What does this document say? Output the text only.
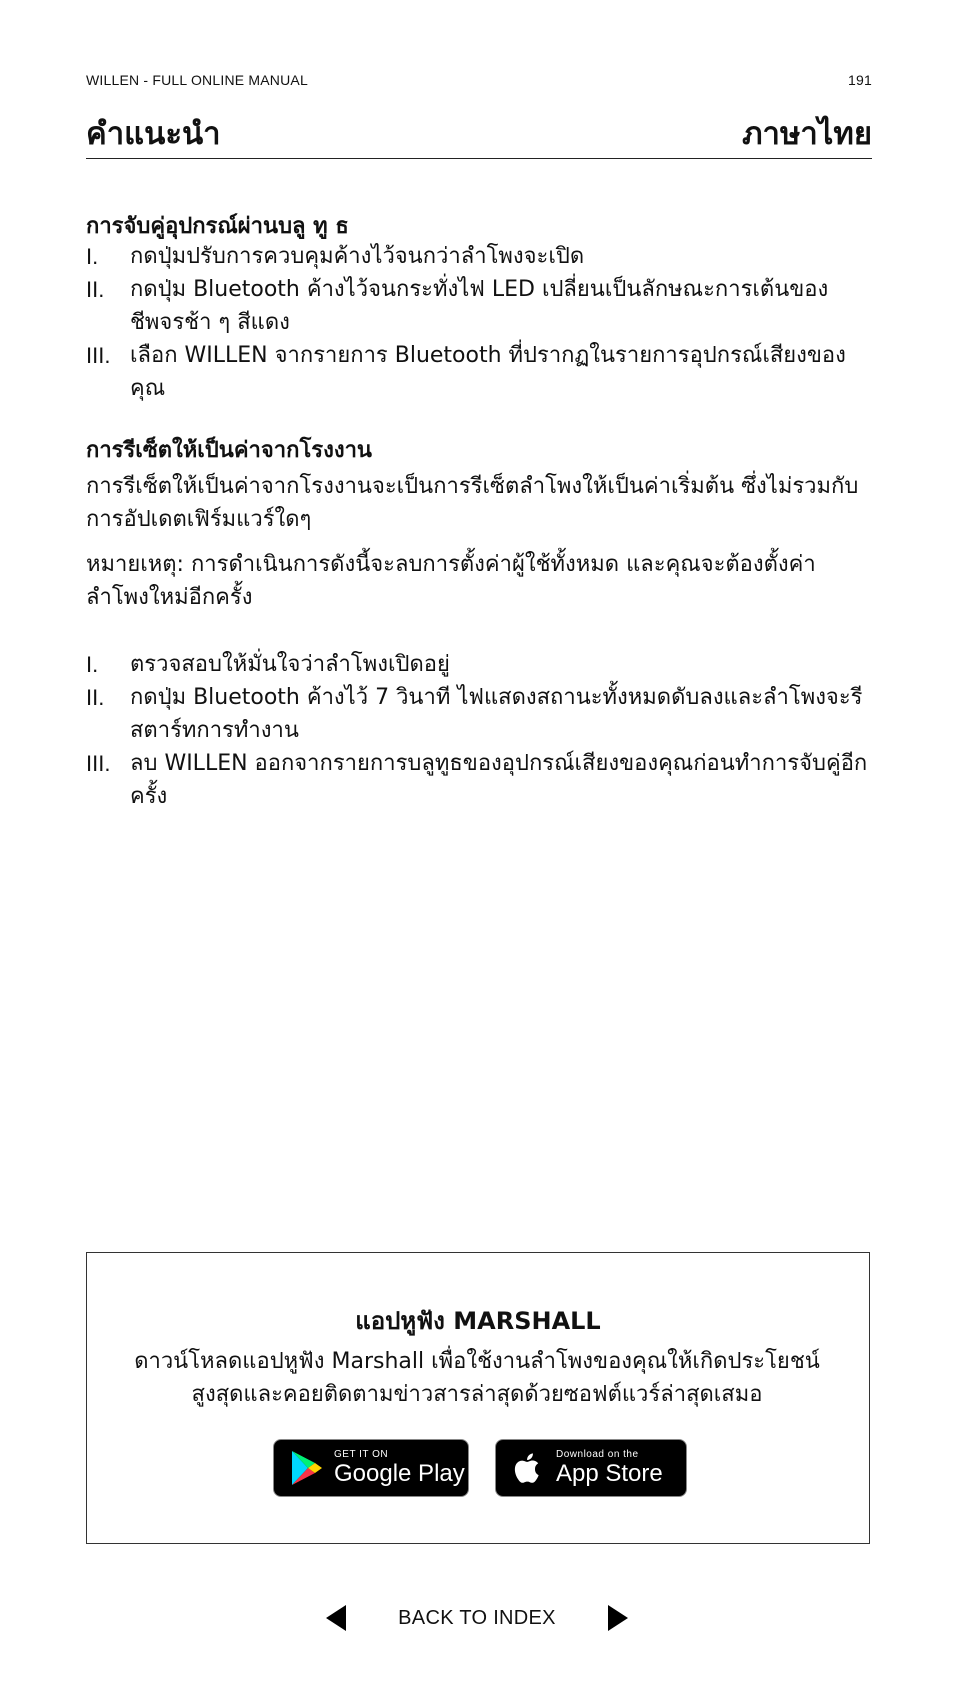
WILLEN - FULL ONLINE MANUAL	191
คำแนะนำ	ภาษาไทย
การจับคู่อุปกรณ์ผ่านบลู ทู ธ
I.	กดปุ่มปรับการควบคุมค้างไว้จนกว่าลำโพงจะเปิด
II.	กดปุ่ม Bluetooth ค้างไว้จนกระทั่งไฟ LED เปลี่ยนเป็นลักษณะการเต้นของชีพจรช้า ๆ สีแดง
III. เลือก WILLEN จากรายการ Bluetooth ที่ปรากฏในรายการอุปกรณ์เสียงของคุณ
การรีเซ็ตให้เป็นค่าจากโรงงาน

การรีเซ็ตให้เป็นค่าจากโรงงานจะเป็นการรีเซ็ตลำโพงให้เป็นค่าเริ่มต้น ซึ่งไม่รวมกับการอัปเดตเฟิร์มแวร์ใดๆ

หมายเหตุ: การดำเนินการดังนี้จะลบการตั้งค่าผู้ใช้ทั้งหมด และคุณจะต้องตั้งค่าลำโพงใหม่อีกครั้ง

I.	ตรวจสอบให้มั่นใจว่าลำโพงเปิดอยู่
II.	กดปุ่ม Bluetooth ค้างไว้ 7 วินาที ไฟแสดงสถานะทั้งหมดดับลงและลำโพงจะรีสตาร์ทการทำงาน
III. ลบ WILLEN ออกจากรายการบลูทูธของอุปกรณ์เสียงของคุณก่อนทำการจับคู่อีกครั้ง
แอปหูฟัง MARSHALL
ดาวน์โหลดแอปหูฟัง Marshall เพื่อใช้งานลำโพงของคุณให้เกิดประโยชน์สูงสุดและคอยติดตามข่าวสารล่าสุดด้วยซอฟต์แวร์ล่าสุดเสมอ
GET IT ON
Google Play
Download on the
App Store
BACK TO INDEX
